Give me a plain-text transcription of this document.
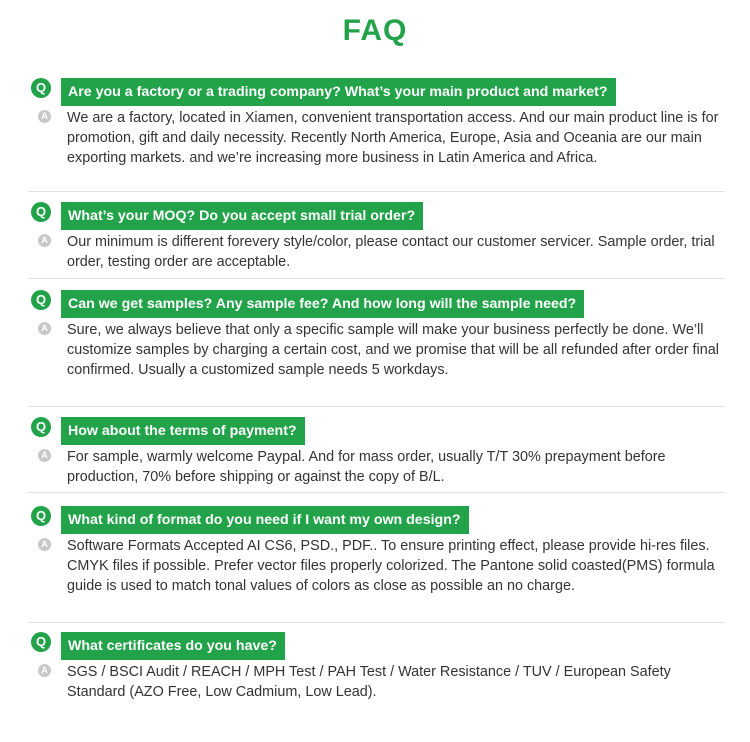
FAQ
Q	Are you a factory or a trading company? What’s your main product and market?
A We are a factory, located in Xiamen, convenient transportation access. And our main product line is for promotion, gift and daily necessity. Recently North America, Europe, Asia and Oceania are our main exporting markets. and we’re increasing more business in Latin America and Africa.
Q	What’s your MOQ? Do you accept small trial order?
A Our minimum is different forevery style/color, please contact our customer servicer. Sample order, trial order, testing order are acceptable.
Q	Can we get samples? Any sample fee? And how long will the sample need?
A Sure, we always believe that only a specific sample will make your business perfectly be done. We’ll customize samples by charging a certain cost, and we promise that will be all refunded after order final confirmed. Usually a customized sample needs 5 workdays.
Q	How about the terms of payment?
A For sample, warmly welcome Paypal. And for mass order, usually T/T 30% prepayment before production, 70% before shipping or against the copy of B/L.
Q	What kind of format do you need if I want my own design?
A Software Formats Accepted AI CS6, PSD., PDF.. To ensure printing effect, please provide hi-res files. CMYK files if possible. Prefer vector files properly colorized. The Pantone solid coasted(PMS) formula guide is used to match tonal values of colors as close as possible an no charge.
Q	What certificates do you have?
A SGS / BSCI Audit / REACH / MPH Test / PAH Test / Water Resistance / TUV / European Safety Standard (AZO Free, Low Cadmium, Low Lead).
